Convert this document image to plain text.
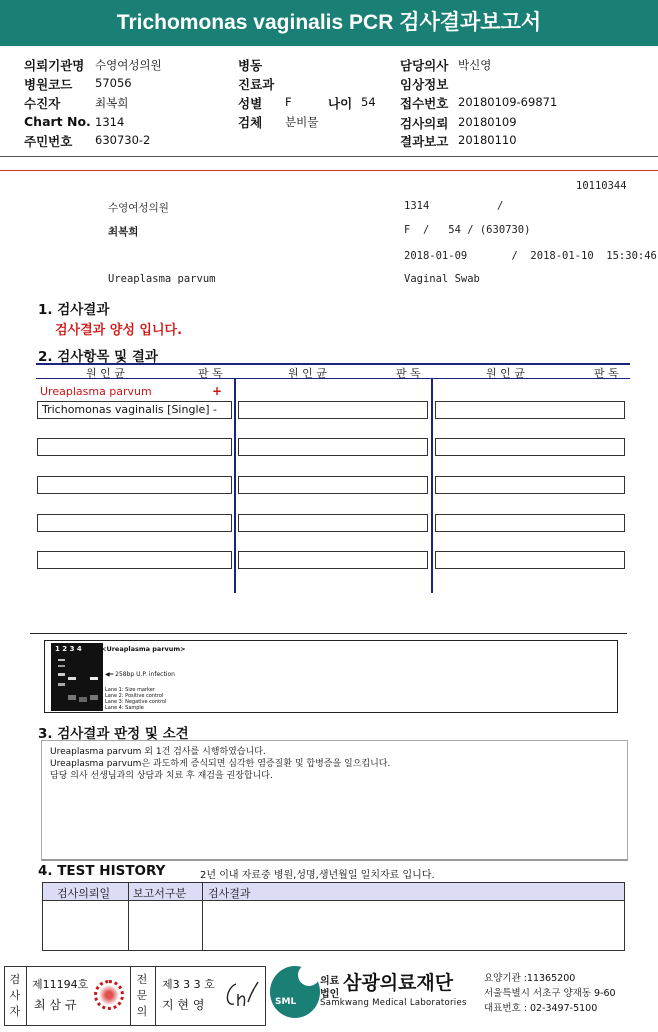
Trichomonas vaginalis PCR 검사결과보고서
의뢰기관명 수영여성의원
병원코드 57056
수진자	최복희
Chart No. 1314
주민번호 630730-2
병동
진료과
성별 F	나이 54
검체 분비물
담당의사 박신영
임상정보
접수번호 20180109-69871
검사의뢰 20180109
결과보고 20180110
10110344
수영여성의원	1314	/
최복희	F  /   54 / (630730)
2018-01-09       /  2018-01-10  15:30:46
Ureaplasma parvum	Vaginal Swab
1. 검사결과
검사결과 양성 입니다.
2. 검사항목 및 결과
원 인 균	판 독	원 인 균	판 독	원 인 균	판 독
Ureaplasma parvum	+
Trichomonas vaginalis [Single] -
1 2 3 4	<Ureaplasma parvum>
◀━ 258bp U.P. infection
Lane 1: Size marker
Lane 2: Positive control
Lane 3: Negative control
Lane 4: Sample
3. 검사결과 판정 및 소견
Ureaplasma parvum 외 1건 검사를 시행하였습니다.
Ureaplasma parvum은 과도하게 증식되면 심각한 염증질환 및 합병증을 일으킵니다.
담당 의사 선생님과의 상담과 치료 후 재검을 권장합니다.
4. TEST HISTORY	2년 이내 자료중 병원,성명,생년월일 일치자료 입니다.
검사의뢰일 보고서구분 검사결과
검사자
제11194호
최 삼 규
전문의
제3 3 3 호
지 현 영	SML
의료
법인
삼광의료재단
Samkwang Medical Laboratories
요양기관 :11365200
서울특별시 서초구 양재동 9-60
대표번호 : 02-3497-5100
